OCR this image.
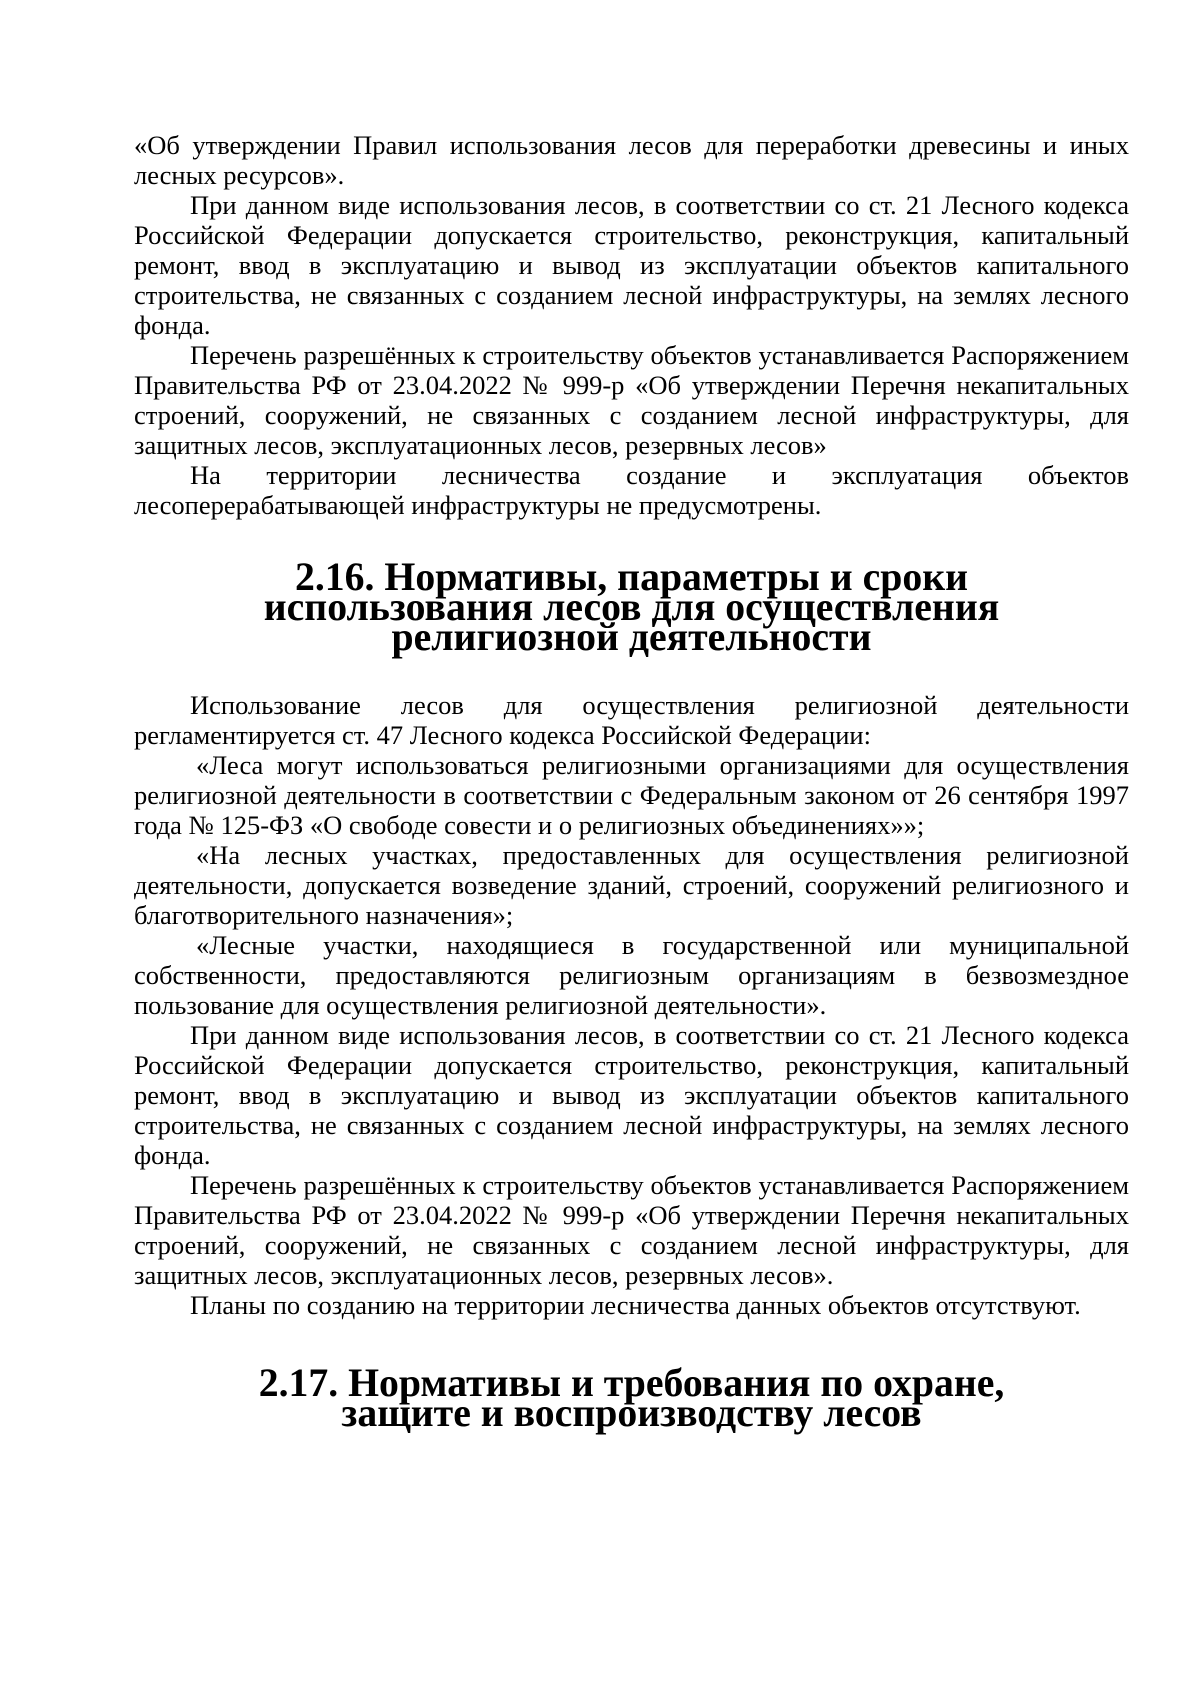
«Об утверждении Правил использования лесов для переработки древесины и иных лесных ресурсов».

При данном виде использования лесов, в соответствии со ст. 21 Лесного кодекса Российской Федерации допускается строительство, реконструкция, капитальный ремонт, ввод в эксплуатацию и вывод из эксплуатации объектов капитального строительства, не связанных с созданием лесной инфраструктуры, на землях лесного фонда.

Перечень разрешённых к строительству объектов устанавливается Распоряжением Правительства РФ от 23.04.2022 № 999-р «Об утверждении Перечня некапитальных строений, сооружений, не связанных с созданием лесной инфраструктуры, для защитных лесов, эксплуатационных лесов, резервных лесов»

На территории лесничества создание и эксплуатация объектов лесоперерабатывающей инфраструктуры не предусмотрены.

2.16. Нормативы, параметры и сроки использования лесов для осуществления религиозной деятельности

Использование лесов для осуществления религиозной деятельности регламентируется ст. 47 Лесного кодекса Российской Федерации:

«Леса могут использоваться религиозными организациями для осуществления религиозной деятельности в соответствии с Федеральным законом от 26 сентября 1997 года № 125-ФЗ «О свободе совести и о религиозных объединениях»»;

«На лесных участках, предоставленных для осуществления религиозной деятельности, допускается возведение зданий, строений, сооружений религиозного и благотворительного назначения»;

«Лесные участки, находящиеся в государственной или муниципальной собственности, предоставляются религиозным организациям в безвозмездное пользование для осуществления религиозной деятельности».

При данном виде использования лесов, в соответствии со ст. 21 Лесного кодекса Российской Федерации допускается строительство, реконструкция, капитальный ремонт, ввод в эксплуатацию и вывод из эксплуатации объектов капитального строительства, не связанных с созданием лесной инфраструктуры, на землях лесного фонда.

Перечень разрешённых к строительству объектов устанавливается Распоряжением Правительства РФ от 23.04.2022 № 999-р «Об утверждении Перечня некапитальных строений, сооружений, не связанных с созданием лесной инфраструктуры, для защитных лесов, эксплуатационных лесов, резервных лесов».

Планы по созданию на территории лесничества данных объектов отсутствуют.

2.17. Нормативы и требования по охране, защите и воспроизводству лесов
